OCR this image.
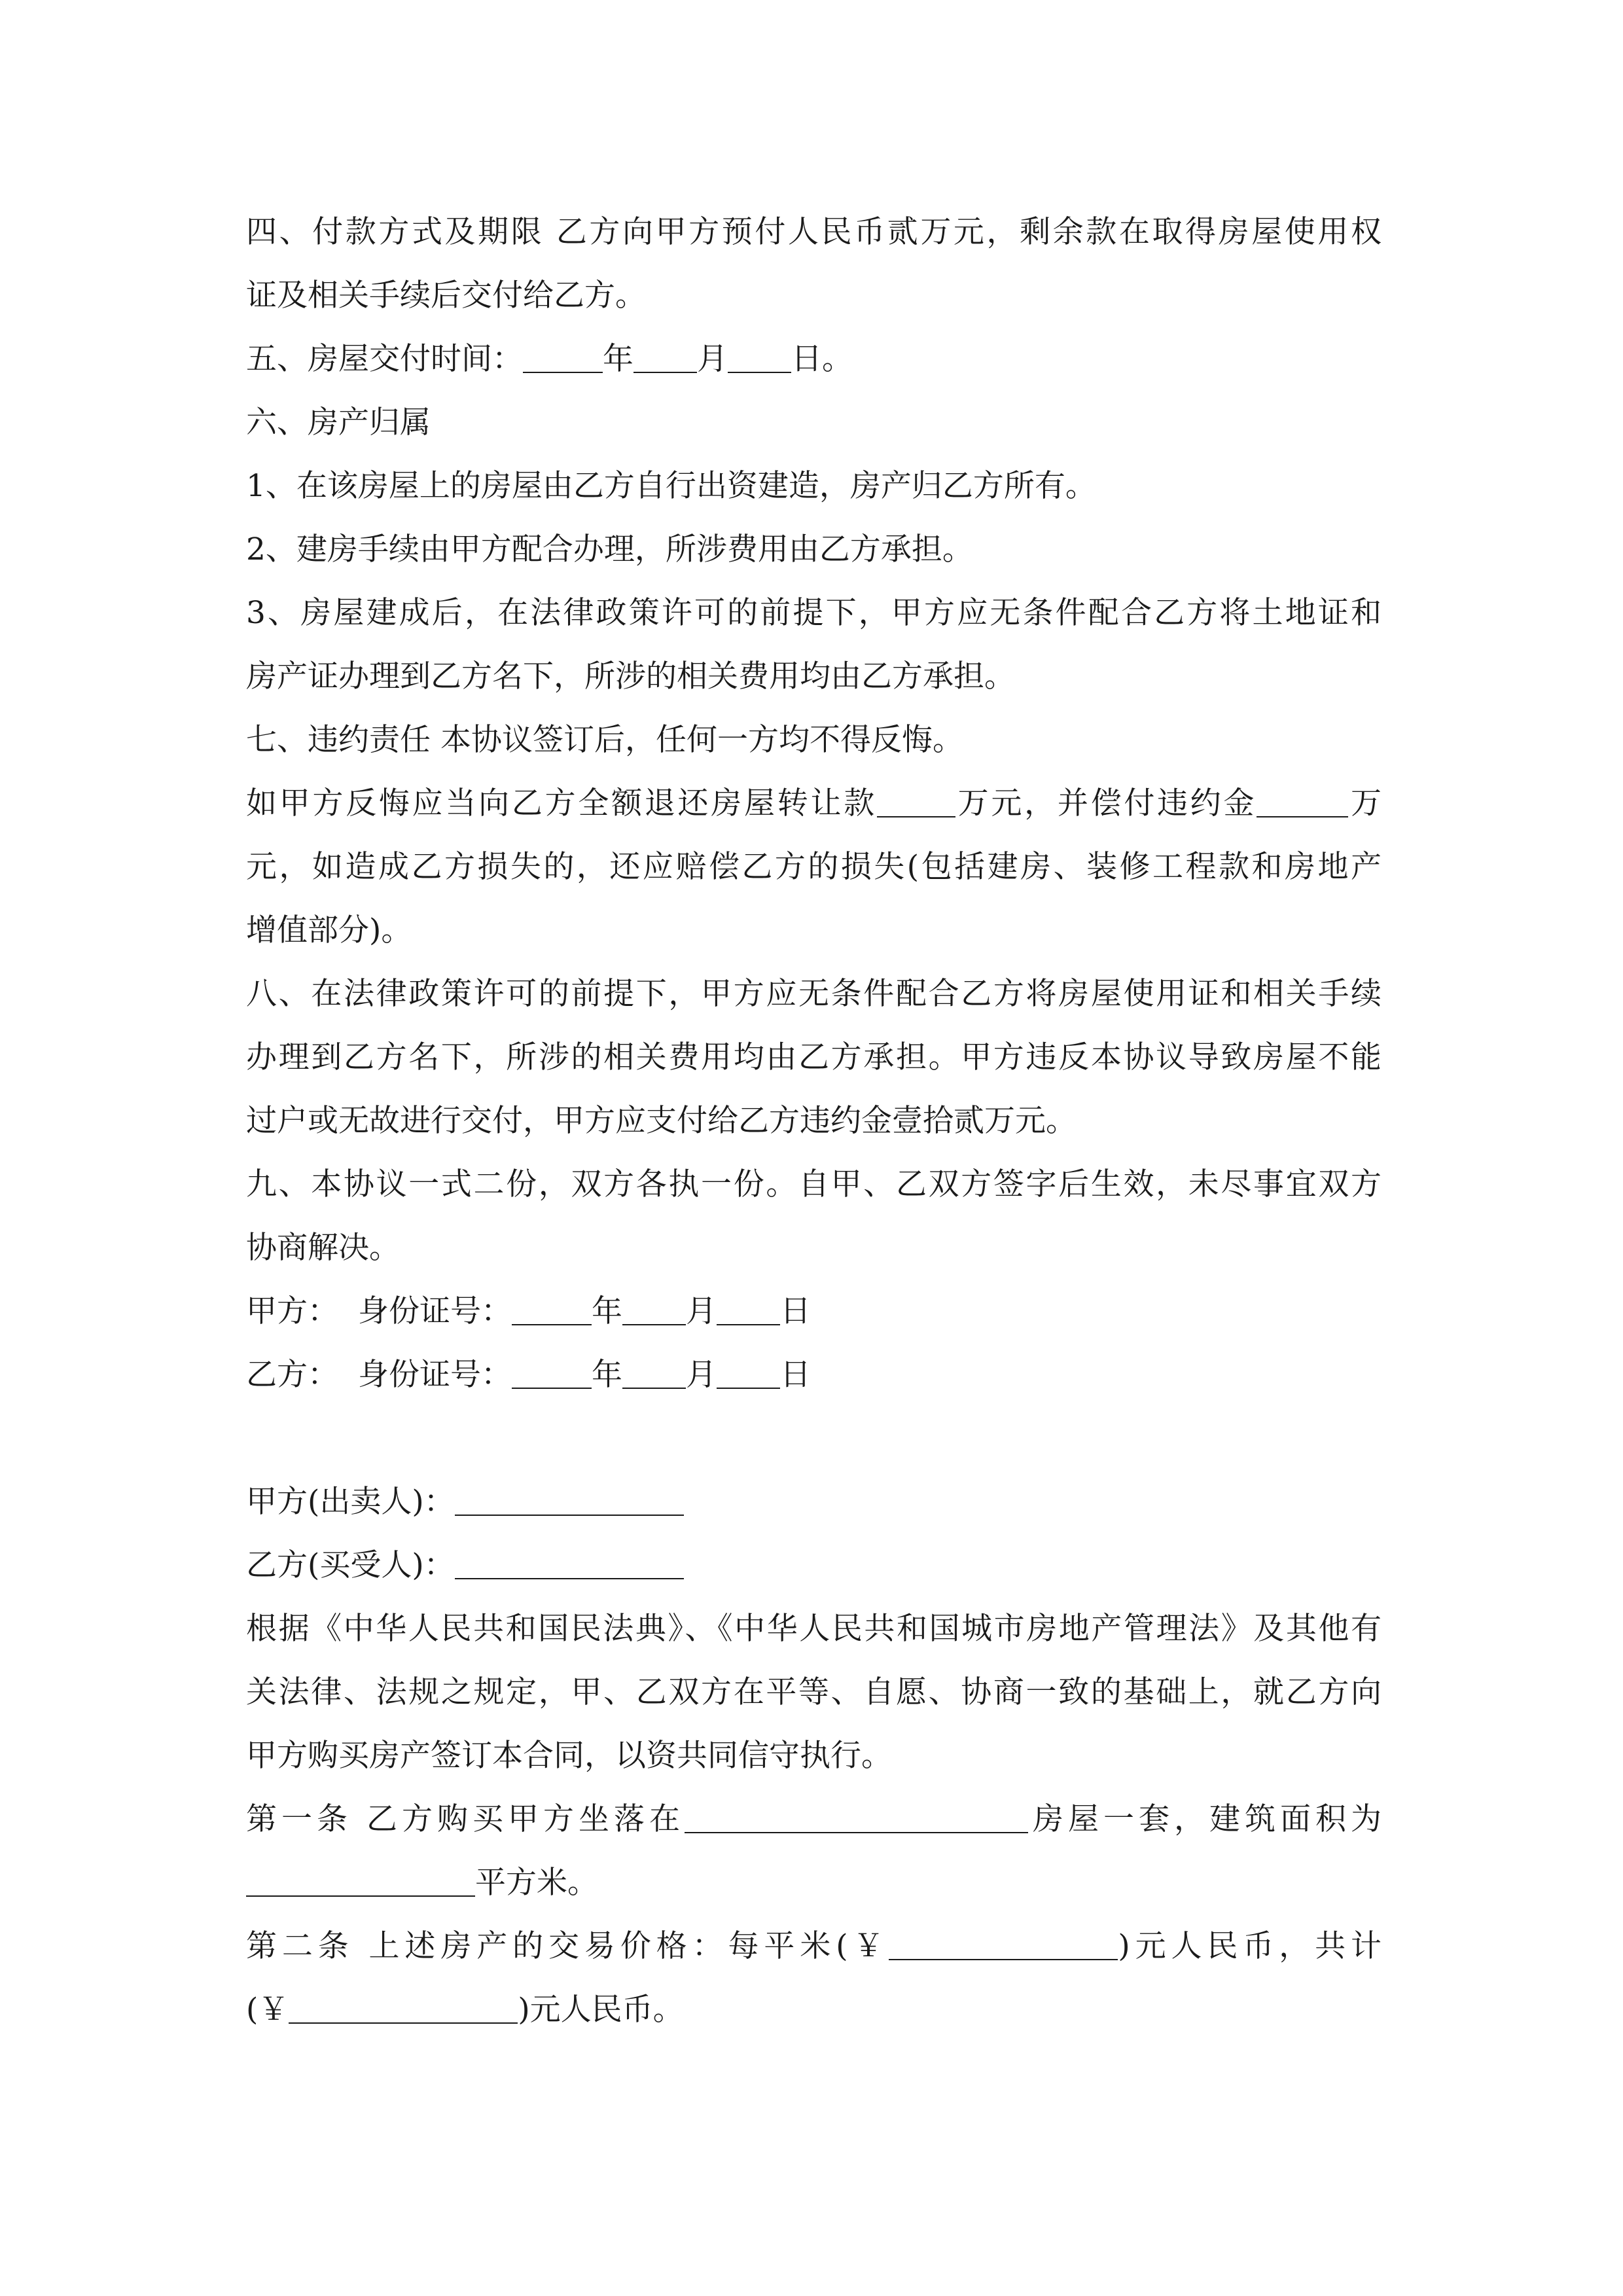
四、付款方式及期限 乙方向甲方预付人民币贰万元，剩余款在取得房屋使用权

证及相关手续后交付给乙方。

五、房屋交付时间：	年 月 日。

六、房产归属

1、在该房屋上的房屋由乙方自行出资建造，房产归乙方所有。

2、建房手续由甲方配合办理，所涉费用由乙方承担。

3、房屋建成后，在法律政策许可的前提下，甲方应无条件配合乙方将土地证和

房产证办理到乙方名下，所涉的相关费用均由乙方承担。

七、违约责任 本协议签订后，任何一方均不得反悔。

如甲方反悔应当向乙方全额退还房屋转让款	万元，并偿付违约金	万

元，如造成乙方损失的，还应赔偿乙方的损失(包括建房、装修工程款和房地产

增值部分)。

八、在法律政策许可的前提下，甲方应无条件配合乙方将房屋使用证和相关手续

办理到乙方名下，所涉的相关费用均由乙方承担。甲方违反本协议导致房屋不能

过户或无故进行交付，甲方应支付给乙方违约金壹拾贰万元。

九、本协议一式二份，双方各执一份。自甲、乙双方签字后生效，未尽事宜双方

协商解决。

甲方： 身份证号：	年 月 日

乙方： 身份证号：	年 月 日

甲方(出卖人)：

乙方(买受人)：

根据《中华人民共和国民法典》、《中华人民共和国城市房地产管理法》及其他有

关法律、法规之规定，甲、乙双方在平等、自愿、协商一致的基础上，就乙方向

甲方购买房产签订本合同，以资共同信守执行。

第一条 乙方购买甲方坐落在	房屋一套，建筑面积为

平方米。

第二条 上述房产的交易价格：每平米(￥	)元人民币，共计

(￥	)元人民币。
